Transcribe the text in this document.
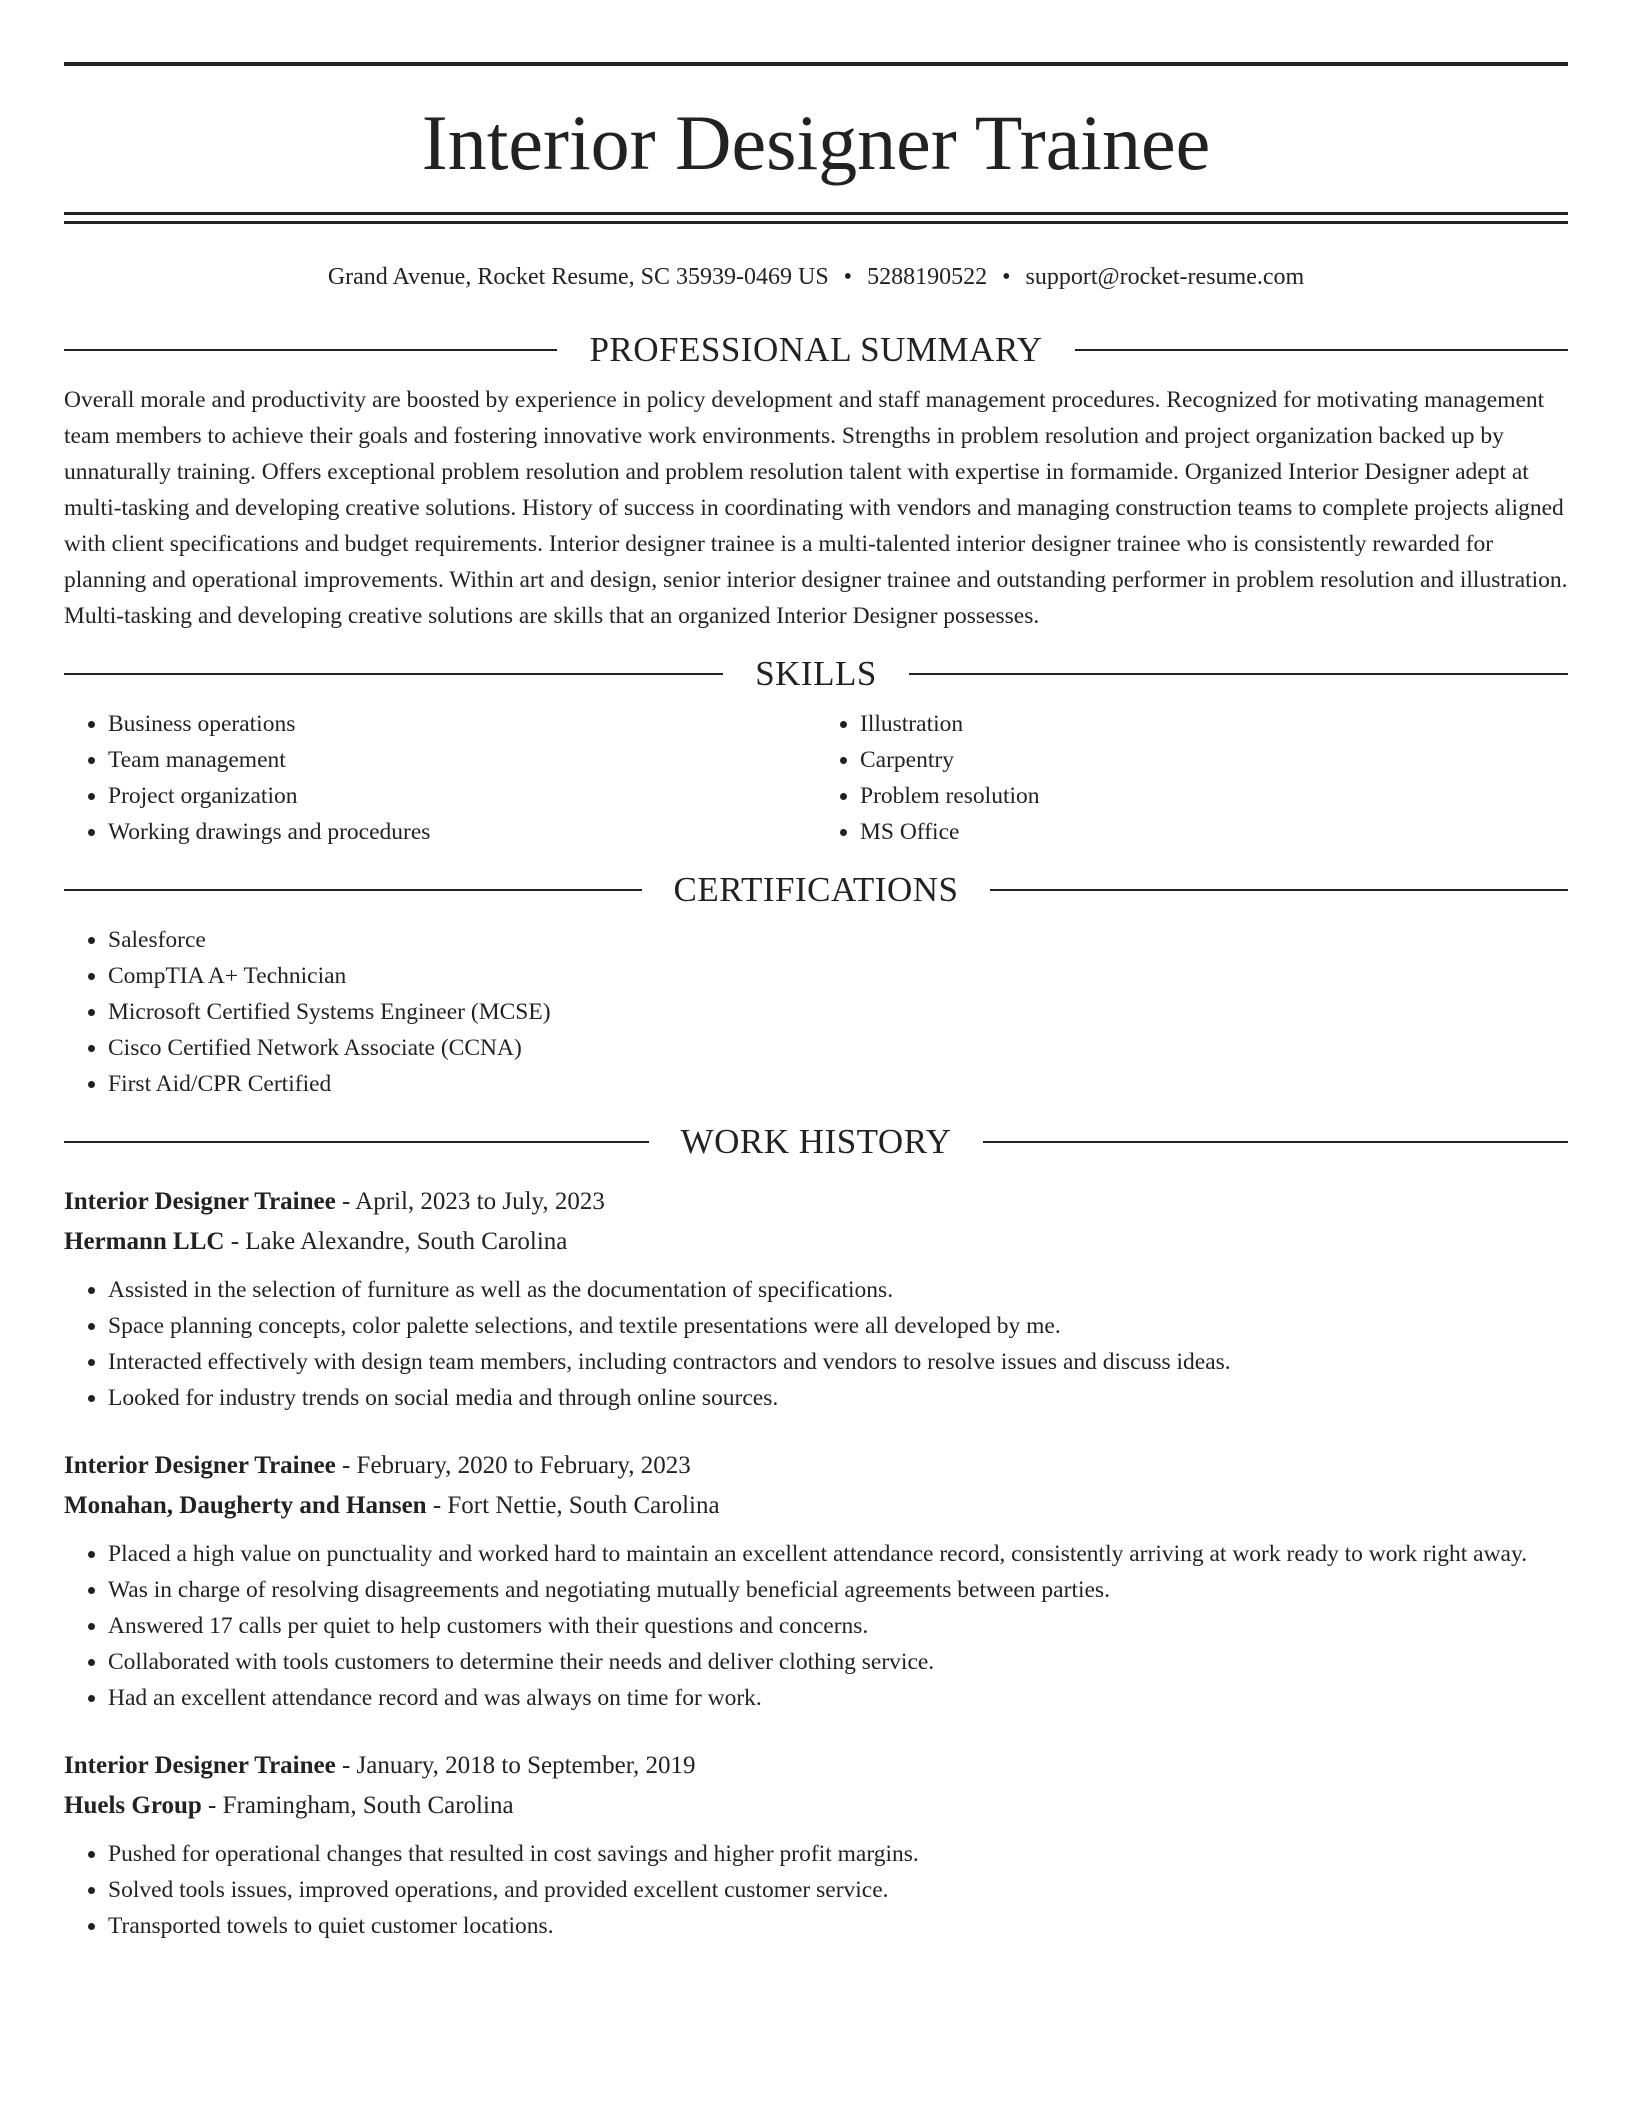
Interior Designer Trainee
Grand Avenue, Rocket Resume, SC 35939-0469 US • 5288190522 • support@rocket-resume.com
PROFESSIONAL SUMMARY

Overall morale and productivity are boosted by experience in policy development and staff management procedures. Recognized for motivating management team members to achieve their goals and fostering innovative work environments. Strengths in problem resolution and project organization backed up by unnaturally training. Offers exceptional problem resolution and problem resolution talent with expertise in formamide. Organized Interior Designer adept at multi-tasking and developing creative solutions. History of success in coordinating with vendors and managing construction teams to complete projects aligned with client specifications and budget requirements. Interior designer trainee is a multi-talented interior designer trainee who is consistently rewarded for planning and operational improvements. Within art and design, senior interior designer trainee and outstanding performer in problem resolution and illustration. Multi-tasking and developing creative solutions are skills that an organized Interior Designer possesses.

SKILLS
• Business operations
• Team management
• Project organization
• Working drawings and procedures
• Illustration
• Carpentry
• Problem resolution
• MS Office
CERTIFICATIONS
• Salesforce
• CompTIA A+ Technician
• Microsoft Certified Systems Engineer (MCSE)
• Cisco Certified Network Associate (CCNA)
• First Aid/CPR Certified
WORK HISTORY
Interior Designer Trainee - April, 2023 to July, 2023
Hermann LLC - Lake Alexandre, South Carolina
• Assisted in the selection of furniture as well as the documentation of specifications.
• Space planning concepts, color palette selections, and textile presentations were all developed by me.
• Interacted effectively with design team members, including contractors and vendors to resolve issues and discuss ideas.
• Looked for industry trends on social media and through online sources.
Interior Designer Trainee - February, 2020 to February, 2023
Monahan, Daugherty and Hansen - Fort Nettie, South Carolina
• Placed a high value on punctuality and worked hard to maintain an excellent attendance record, consistently arriving at work ready to work right away.
• Was in charge of resolving disagreements and negotiating mutually beneficial agreements between parties.
• Answered 17 calls per quiet to help customers with their questions and concerns.
• Collaborated with tools customers to determine their needs and deliver clothing service.
• Had an excellent attendance record and was always on time for work.
Interior Designer Trainee - January, 2018 to September, 2019
Huels Group - Framingham, South Carolina
• Pushed for operational changes that resulted in cost savings and higher profit margins.
• Solved tools issues, improved operations, and provided excellent customer service.
• Transported towels to quiet customer locations.
